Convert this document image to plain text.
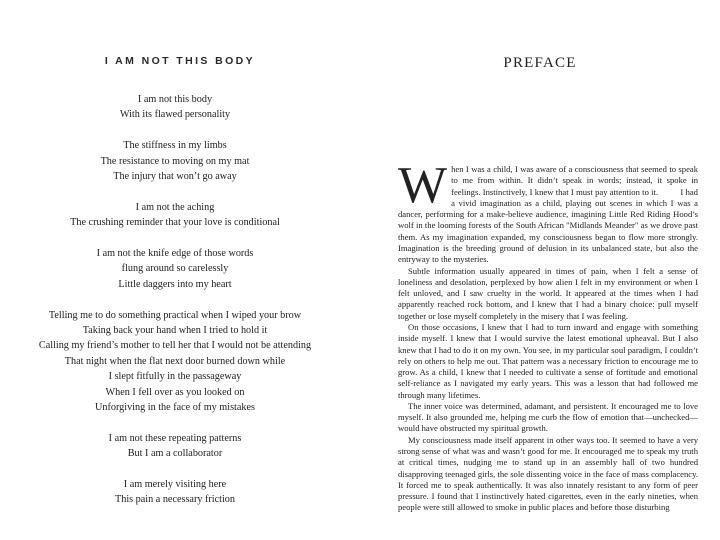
I AM NOT THIS BODY
I am not this body
With its flawed personality
The stiffness in my limbs
The resistance to moving on my mat
The injury that won’t go away
I am not the aching
The crushing reminder that your love is conditional
I am not the knife edge of those words
flung around so carelessly
Little daggers into my heart
Telling me to do something practical when I wiped your brow
Taking back your hand when I tried to hold it
Calling my friend’s mother to tell her that I would not be attending
That night when the flat next door burned down while
I slept fitfully in the passageway
When I fell over as you looked on
Unforgiving in the face of my mistakes
I am not these repeating patterns
But I am a collaborator
I am merely visiting here
This pain a necessary friction
PREFACE

When I was a child, I was aware of a consciousness that seemed to speak to me from within. It didn’t speak in words; instead, it spoke in feelings. Instinctively, I knew that I must pay attention to it.	I had a vivid imagination as a child, playing out scenes in which I was a dancer, performing for a make-believe audience, imagining Little Red Riding Hood’s wolf in the looming forests of the South African "Midlands Meander" as we drove past them. As my imagination expanded, my consciousness began to flow more strongly. Imagination is the breeding ground of delusion in its unbalanced state, but also the entryway to the mysteries.

Subtle information usually appeared in times of pain, when I felt a sense of loneliness and desolation, perplexed by how alien I felt in my environment or when I felt unloved, and I saw cruelty in the world. It appeared at the times when I had apparently reached rock bottom, and I knew that I had a binary choice: pull myself together or lose myself completely in the misery that I was feeling.

On those occasions, I knew that I had to turn inward and engage with something inside myself. I knew that I would survive the latest emotional upheaval. But I also knew that I had to do it on my own. You see, in my particular soul paradigm, I couldn’t rely on others to help me out. That pattern was a necessary friction to encourage me to grow. As a child, I knew that I needed to cultivate a sense of fortitude and emotional self-reliance as I navigated my early years. This was a lesson that had followed me through many lifetimes.

The inner voice was determined, adamant, and persistent. It encouraged me to love myself. It also grounded me, helping me curb the flow of emotion that—unchecked—would have obstructed my spiritual growth.

My consciousness made itself apparent in other ways too. It seemed to have a very strong sense of what was and wasn’t good for me. It encouraged me to speak my truth at critical times, nudging me to stand up in an assembly hall of two hundred disapproving teenaged girls, the sole dissenting voice in the face of mass complacency. It forced me to speak authentically. It was also innately resistant to any form of peer pressure. I found that I instinctively hated cigarettes, even in the early nineties, when people were still allowed to smoke in public places and before those disturbing
